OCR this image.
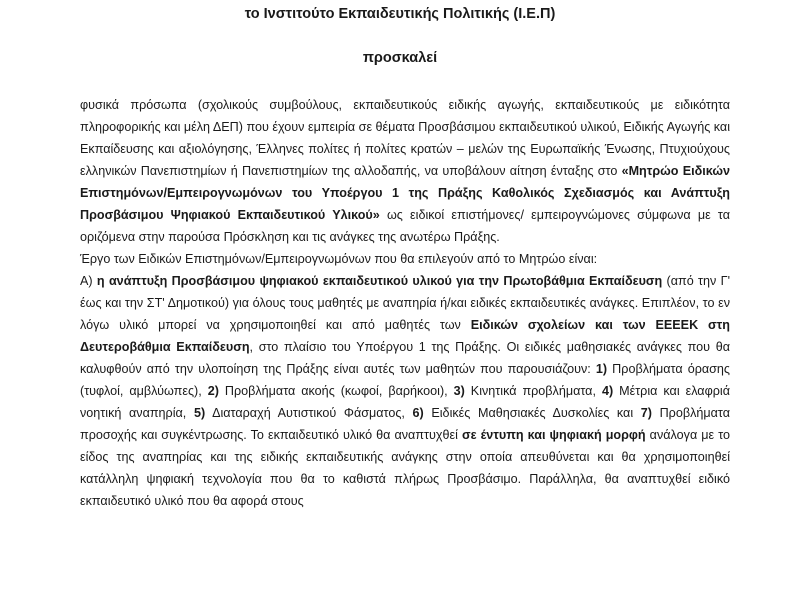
το Ινστιτούτο Εκπαιδευτικής Πολιτικής (Ι.Ε.Π)
προσκαλεί

φυσικά πρόσωπα (σχολικούς συμβούλους, εκπαιδευτικούς ειδικής αγωγής, εκπαιδευτικούς με ειδικότητα πληροφορικής και μέλη ΔΕΠ) που έχουν εμπειρία σε θέματα Προσβάσιμου εκπαιδευτικού υλικού, Ειδικής Αγωγής και Εκπαίδευσης και αξιολόγησης, Έλληνες πολίτες ή πολίτες κρατών – μελών της Ευρωπαϊκής Ένωσης, Πτυχιούχους ελληνικών Πανεπιστημίων ή Πανεπιστημίων της αλλοδαπής, να υποβάλουν αίτηση ένταξης στο «Μητρώο Ειδικών Επιστημόνων/Εμπειρογνωμόνων του Υποέργου 1 της Πράξης Καθολικός Σχεδιασμός και Ανάπτυξη Προσβάσιμου Ψηφιακού Εκπαιδευτικού Υλικού» ως ειδικοί επιστήμονες/ εμπειρογνώμονες σύμφωνα με τα οριζόμενα στην παρούσα Πρόσκληση και τις ανάγκες της ανωτέρω Πράξης.

Έργο των Ειδικών Επιστημόνων/Εμπειρογνωμόνων που θα επιλεγούν από το Μητρώο είναι:

Α) η ανάπτυξη Προσβάσιμου ψηφιακού εκπαιδευτικού υλικού για την Πρωτοβάθμια Εκπαίδευση (από την Γ' έως και την ΣΤ' Δημοτικού) για όλους τους μαθητές με αναπηρία ή/και ειδικές εκπαιδευτικές ανάγκες. Επιπλέον, το εν λόγω υλικό μπορεί να χρησιμοποιηθεί και από μαθητές των Ειδικών σχολείων και των ΕΕΕΕΚ στη Δευτεροβάθμια Εκπαίδευση, στο πλαίσιο του Υποέργου 1 της Πράξης. Οι ειδικές μαθησιακές ανάγκες που θα καλυφθούν από την υλοποίηση της Πράξης είναι αυτές των μαθητών που παρουσιάζουν: 1) Προβλήματα όρασης (τυφλοί, αμβλύωπες), 2) Προβλήματα ακοής (κωφοί, βαρήκοοι), 3) Κινητικά προβλήματα, 4) Μέτρια και ελαφριά νοητική αναπηρία, 5) Διαταραχή Αυτιστικού Φάσματος, 6) Ειδικές Μαθησιακές Δυσκολίες και 7) Προβλήματα προσοχής και συγκέντρωσης. Το εκπαιδευτικό υλικό θα αναπτυχθεί σε έντυπη και ψηφιακή μορφή ανάλογα με το είδος της αναπηρίας και της ειδικής εκπαιδευτικής ανάγκης στην οποία απευθύνεται και θα χρησιμοποιηθεί κατάλληλη ψηφιακή τεχνολογία που θα το καθιστά πλήρως Προσβάσιμο. Παράλληλα, θα αναπτυχθεί ειδικό εκπαιδευτικό υλικό που θα αφορά στους
